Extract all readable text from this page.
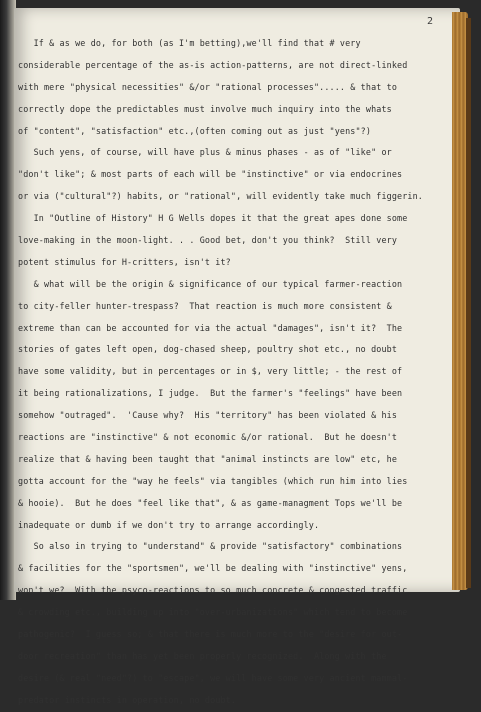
2
If & as we do, for both (as I'm betting),we'll find that # very
considerable percentage of the as-is action-patterns, are not direct-linked
with mere "physical necessities" &/or "rational processes"..... & that to
correctly dope the predictables must involve much inquiry into the whats
of "content", "satisfaction" etc.,(often coming out as just "yens"?)
Such yens, of course, will have plus & minus phases - as of "like" or
"don't like"; & most parts of each will be "instinctive" or via endocrines
or via ("cultural"?) habits, or "rational", will evidently take much figgerin.
In "Outline of History" H G Wells dopes it that the great apes done some
love-making in the moon-light. . . Good bet, don't you think?  Still very
potent stimulus for H-critters, isn't it?
& what will be the origin & significance of our typical farmer-reaction
to city-feller hunter-trespass?  That reaction is much more consistent &
extreme than can be accounted for via the actual "damages", isn't it?  The
stories of gates left open, dog-chased sheep, poultry shot etc., no doubt
have some validity, but in percentages or in $, very little; - the rest of
it being rationalizations, I judge.  But the farmer's "feelings" have been
somehow "outraged".  'Cause why?  His "territory" has been violated & his
reactions are "instinctive" & not economic &/or rational.  But he doesn't
realize that & having been taught that "animal instincts are low" etc, he
gotta account for the "way he feels" via tangibles (which run him into lies
& hooie).  But he does "feel like that", & as game-managment Tops we'll be
inadequate or dumb if we don't try to arrange accordingly.
So also in trying to "understand" & provide "satisfactory" combinations
& facilities for the "sportsmen", we'll be dealing with "instinctive" yens,
won't we?  With the psyco-reactions to so much concrete & congested traffic
& crowding etc., building up into "over-urbanizations" which tend to become
pathogenic?  I guess so; & that there is much more to the "desire for out-
door recreation" than has yet been properly recognized.  Along with the
desire (& real "need"?) to "escape", we will have some very ancient mammal-
predator instincts in operation, no doubt.
